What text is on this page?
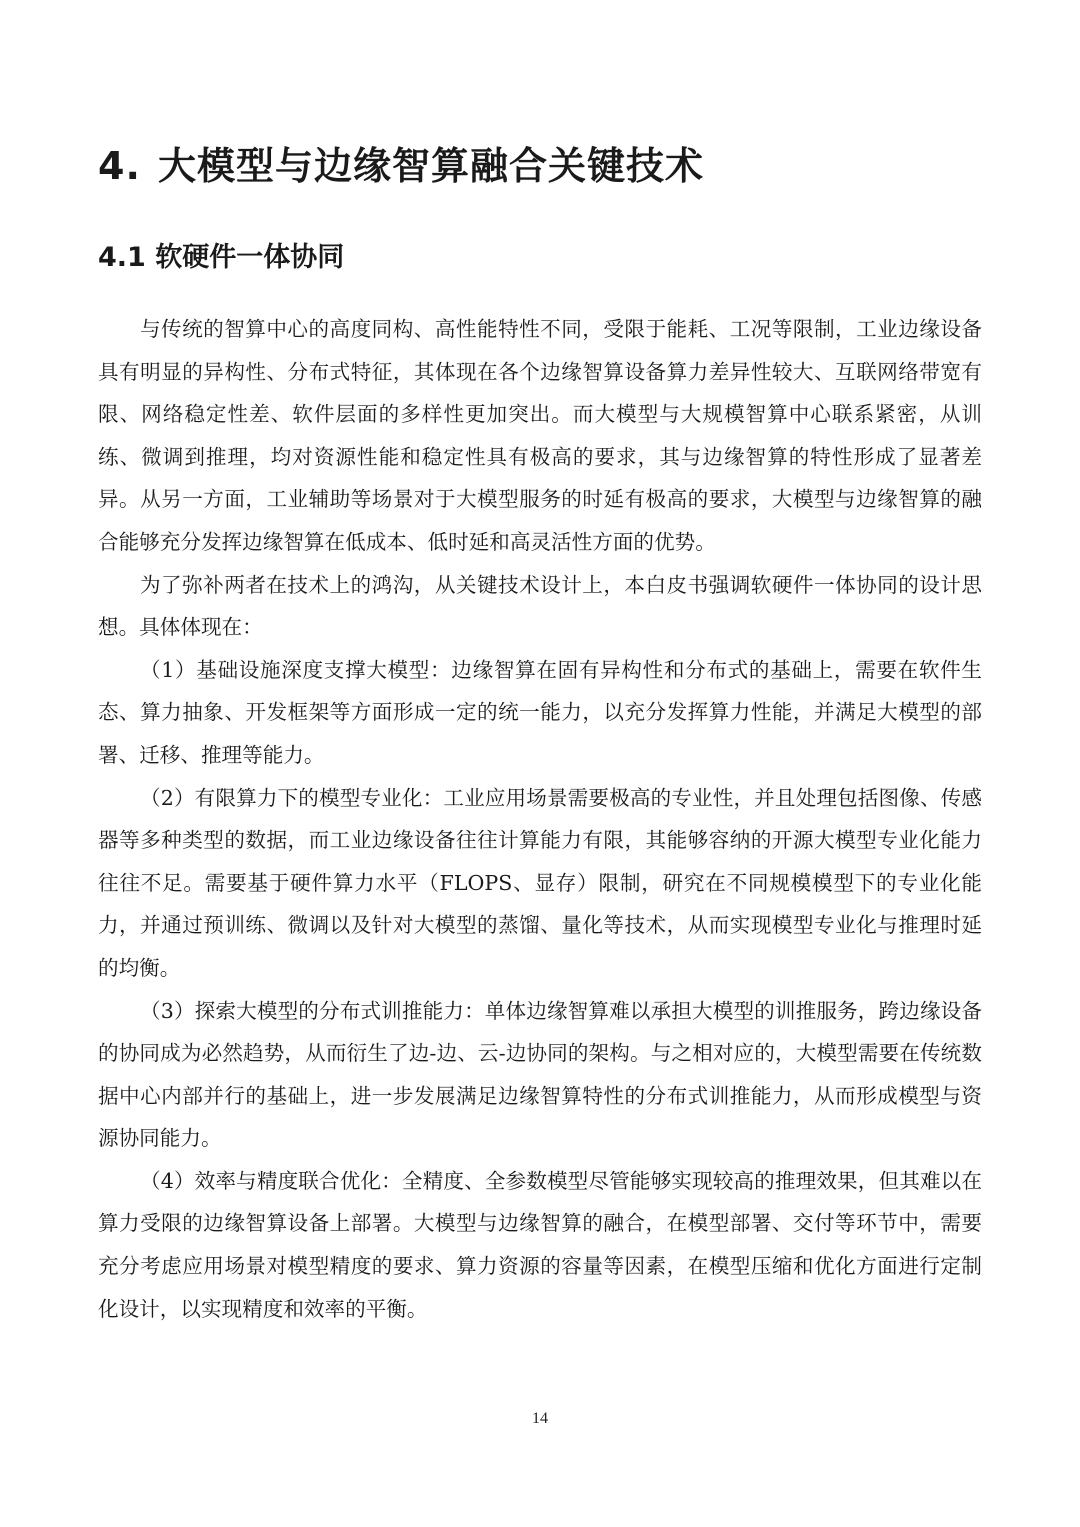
4. 大模型与边缘智算融合关键技术
4.1 软硬件一体协同

与传统的智算中心的高度同构、高性能特性不同，受限于能耗、工况等限制，工业边缘设备具有明显的异构性、分布式特征，其体现在各个边缘智算设备算力差异性较大、互联网络带宽有限、网络稳定性差、软件层面的多样性更加突出。而大模型与大规模智算中心联系紧密，从训练、微调到推理，均对资源性能和稳定性具有极高的要求，其与边缘智算的特性形成了显著差异。从另一方面，工业辅助等场景对于大模型服务的时延有极高的要求，大模型与边缘智算的融合能够充分发挥边缘智算在低成本、低时延和高灵活性方面的优势。

为了弥补两者在技术上的鸿沟，从关键技术设计上，本白皮书强调软硬件一体协同的设计思想。具体体现在：

（1）基础设施深度支撑大模型：边缘智算在固有异构性和分布式的基础上，需要在软件生态、算力抽象、开发框架等方面形成一定的统一能力，以充分发挥算力性能，并满足大模型的部署、迁移、推理等能力。

（2）有限算力下的模型专业化：工业应用场景需要极高的专业性，并且处理包括图像、传感器等多种类型的数据，而工业边缘设备往往计算能力有限，其能够容纳的开源大模型专业化能力往往不足。需要基于硬件算力水平（FLOPS、显存）限制，研究在不同规模模型下的专业化能力，并通过预训练、微调以及针对大模型的蒸馏、量化等技术，从而实现模型专业化与推理时延的均衡。

（3）探索大模型的分布式训推能力：单体边缘智算难以承担大模型的训推服务，跨边缘设备的协同成为必然趋势，从而衍生了边-边、云-边协同的架构。与之相对应的，大模型需要在传统数据中心内部并行的基础上，进一步发展满足边缘智算特性的分布式训推能力，从而形成模型与资源协同能力。

（4）效率与精度联合优化：全精度、全参数模型尽管能够实现较高的推理效果，但其难以在算力受限的边缘智算设备上部署。大模型与边缘智算的融合，在模型部署、交付等环节中，需要充分考虑应用场景对模型精度的要求、算力资源的容量等因素，在模型压缩和优化方面进行定制化设计，以实现精度和效率的平衡。

14
